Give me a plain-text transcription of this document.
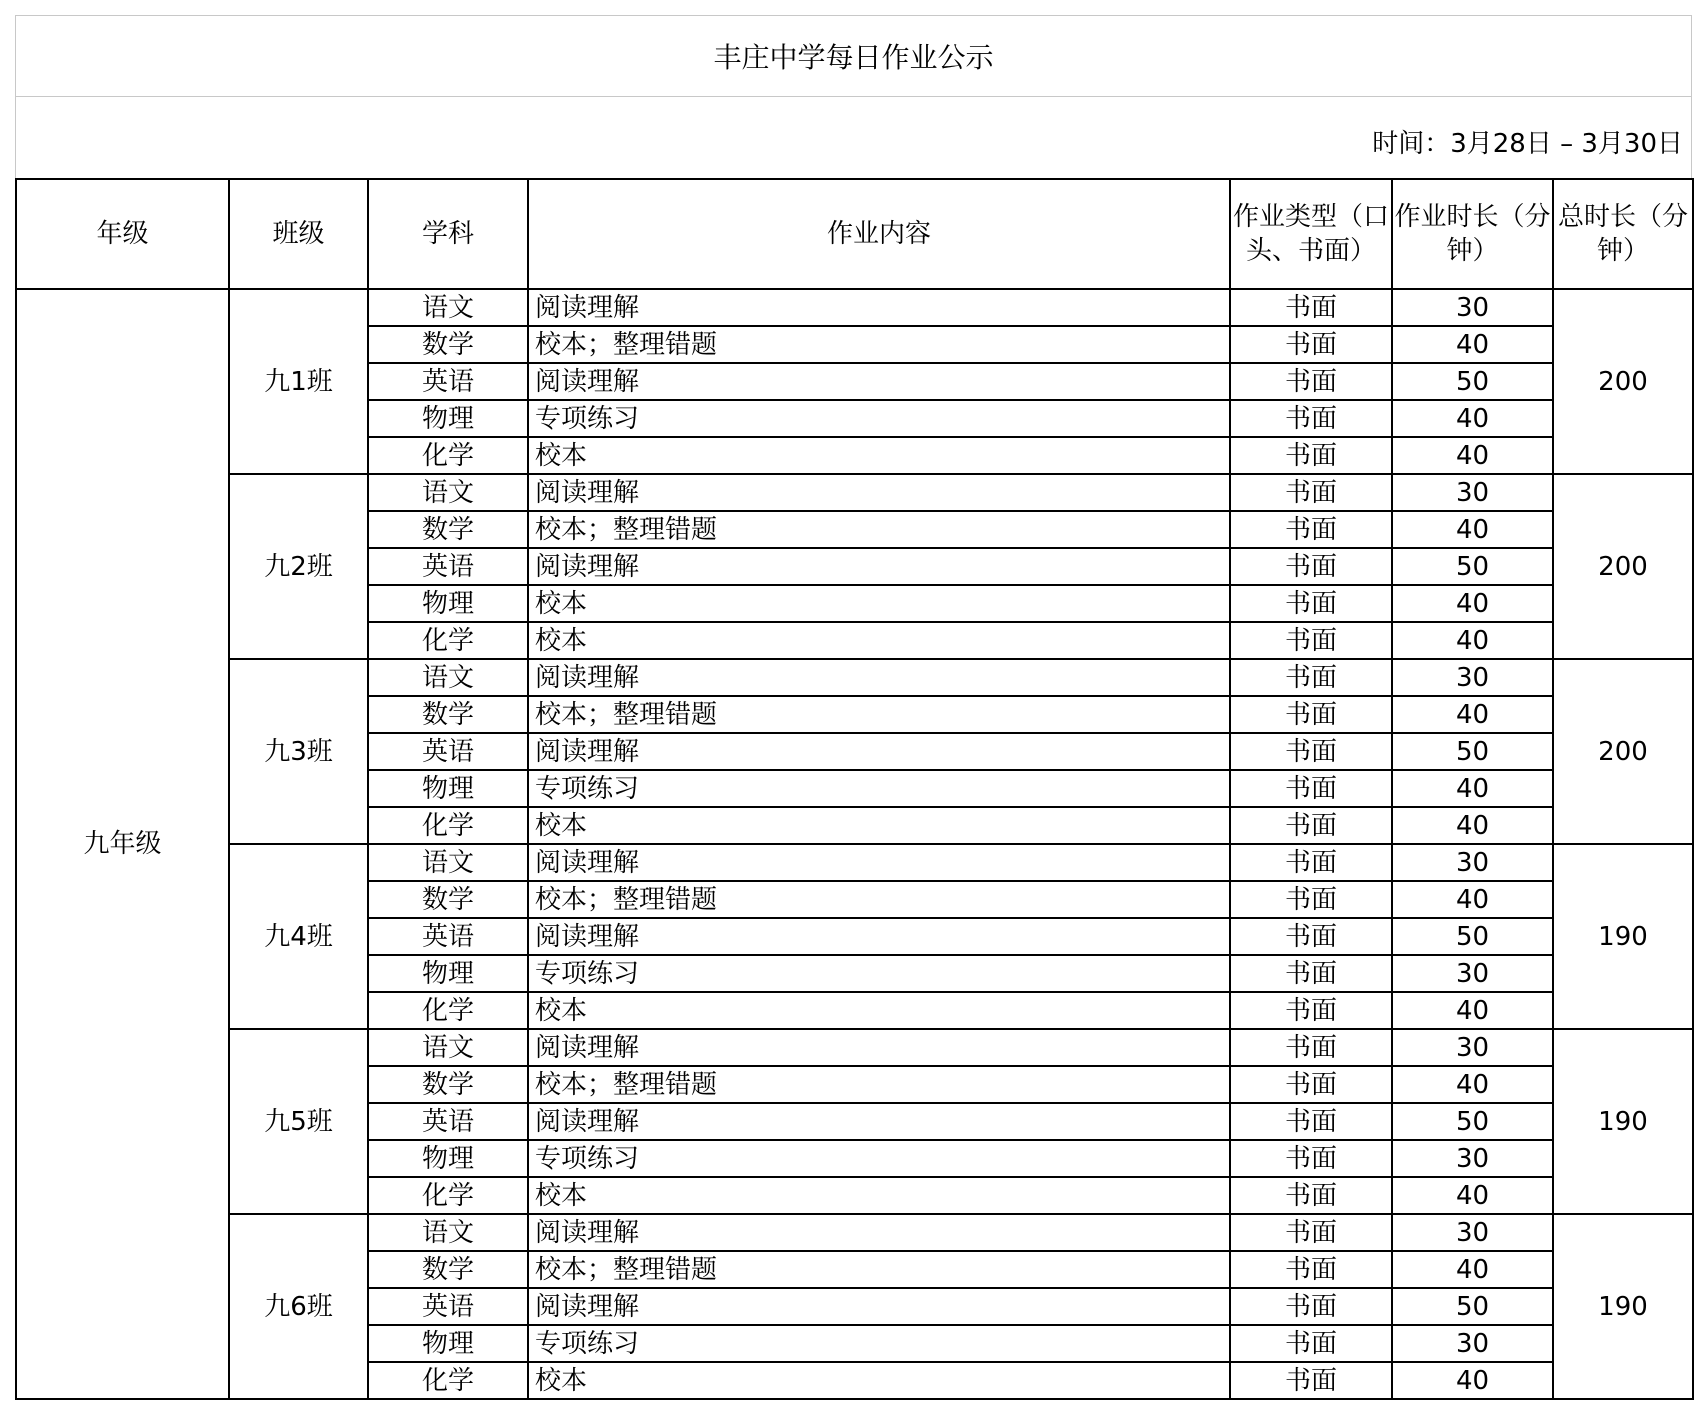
丰庄中学每日作业公示
时间：3月28日 – 3月30日
年级	班级	学科	作业内容	作业类型（口头、书面）	作业时长（分钟）	总时长（分钟）
九年级	九1班	语文	阅读理解	书面	30	200
		数学	校本；整理错题	书面	40	
		英语	阅读理解	书面	50	
		物理	专项练习	书面	40	
		化学	校本	书面	40	
	九2班	语文	阅读理解	书面	30	200
		数学	校本；整理错题	书面	40	
		英语	阅读理解	书面	50	
		物理	校本	书面	40	
		化学	校本	书面	40	
	九3班	语文	阅读理解	书面	30	200
		数学	校本；整理错题	书面	40	
		英语	阅读理解	书面	50	
		物理	专项练习	书面	40	
		化学	校本	书面	40	
	九4班	语文	阅读理解	书面	30	190
		数学	校本；整理错题	书面	40	
		英语	阅读理解	书面	50	
		物理	专项练习	书面	30	
		化学	校本	书面	40	
	九5班	语文	阅读理解	书面	30	190
		数学	校本；整理错题	书面	40	
		英语	阅读理解	书面	50	
		物理	专项练习	书面	30	
		化学	校本	书面	40	
	九6班	语文	阅读理解	书面	30	190
		数学	校本；整理错题	书面	40	
		英语	阅读理解	书面	50	
		物理	专项练习	书面	30	
		化学	校本	书面	40	
